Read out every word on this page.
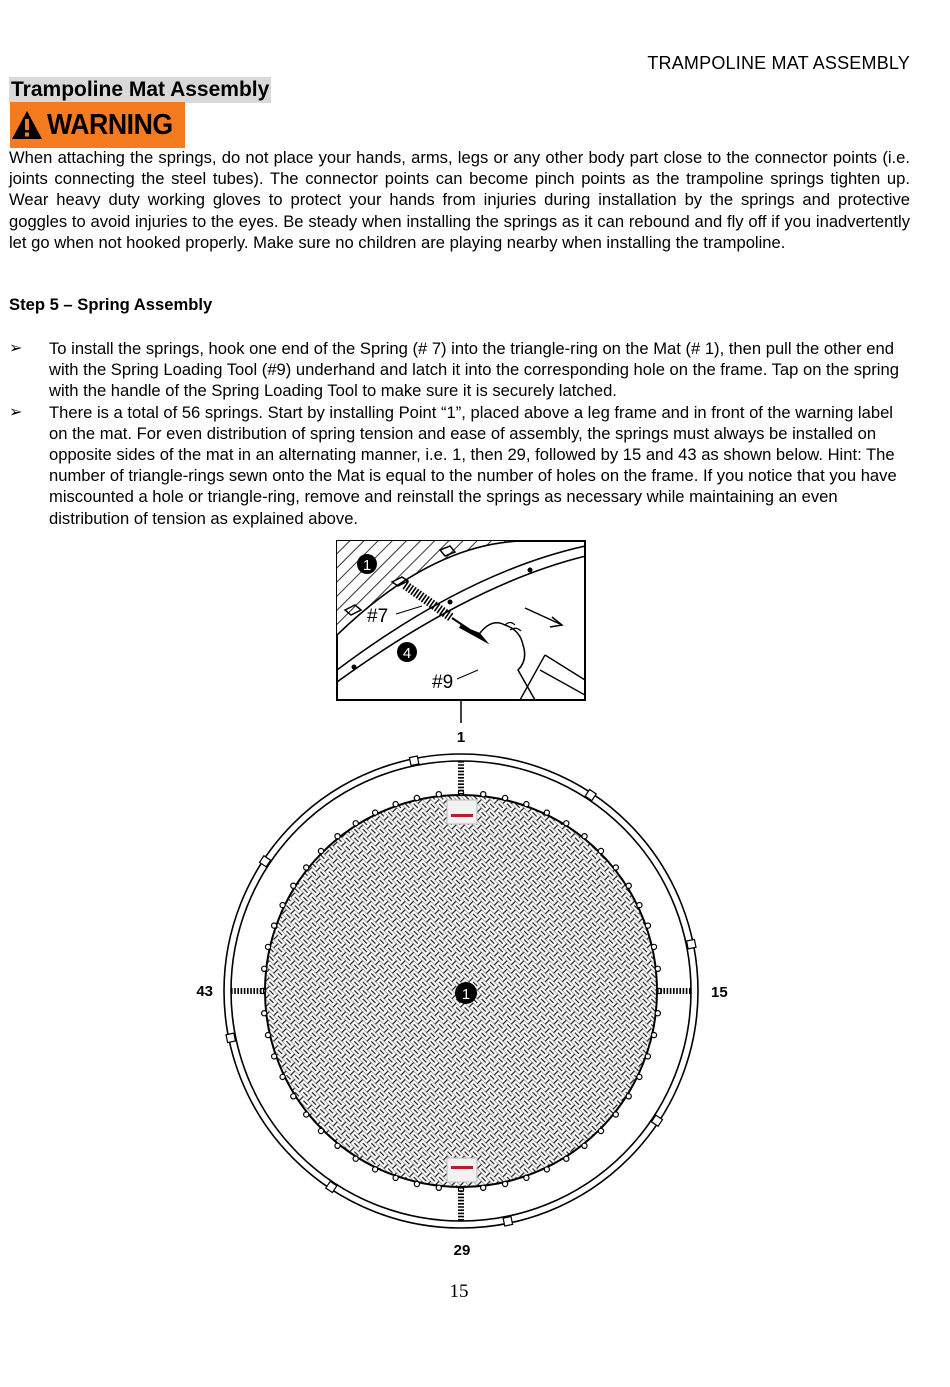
TRAMPOLINE MAT ASSEMBLY
Trampoline Mat Assembly
WARNING

When attaching the springs, do not place your hands, arms, legs or any other body part close to the connector points (i.e. joints connecting the steel tubes). The connector points can become pinch points as the trampoline springs tighten up. Wear heavy duty working gloves to protect your hands from injuries during installation by the springs and protective goggles to avoid injuries to the eyes. Be steady when installing the springs as it can rebound and fly off if you inadvertently let go when not hooked properly. Make sure no children are playing nearby when installing the trampoline.

Step 5 – Spring Assembly
➢ To install the springs, hook one end of the Spring (# 7) into the triangle-ring on the Mat (# 1), then pull the other end with the Spring Loading Tool (#9) underhand and latch it into the corresponding hole on the frame. Tap on the spring with the handle of the Spring Loading Tool to make sure it is securely latched.
➢ There is a total of 56 springs. Start by installing Point “1”, placed above a leg frame and in front of the warning label on the mat. For even distribution of spring tension and ease of assembly, the springs must always be installed on opposite sides of the mat in an alternating manner, i.e. 1, then 29, followed by 15 and 43 as shown below. Hint: The number of triangle-rings sewn onto the Mat is equal to the number of holes on the frame. If you notice that you have miscounted a hole or triangle-ring, remove and reinstall the springs as necessary while maintaining an even distribution of tension as explained above.
1
4
#7
#9
1
1
15
29
43
15
